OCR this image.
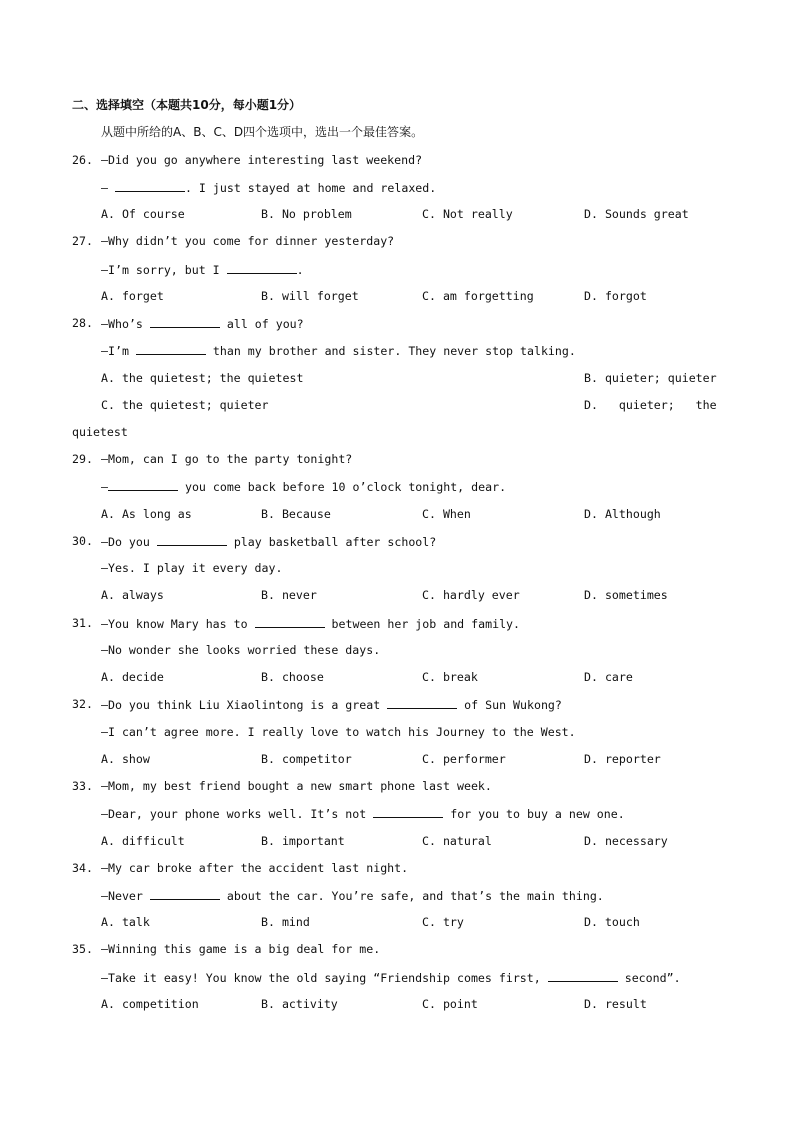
二、选择填空（本题共10分，每小题1分）
从题中所给的A、B、C、D四个选项中，选出一个最佳答案。
26. —Did you go anywhere interesting last weekend?
—	. I just stayed at home and relaxed.
A. Of course	B. No problem	C. Not really	D. Sounds great
27. —Why didn’t you come for dinner yesterday?
—I’m sorry, but I	.
A. forget	B. will forget	C. am forgetting	D. forgot
28. —Who’s	all of you?
—I’m	than my brother and sister. They never stop talking.
A. the quietest; the quietest	B. quieter; quieter
C. the quietest; quieter	D.   quieter;   the
quietest
29. —Mom, can I go to the party tonight?
—	you come back before 10 o’clock tonight, dear.
A. As long as	B. Because	C. When	D. Although
30. —Do you	play basketball after school?
—Yes. I play it every day.
A. always	B. never	C. hardly ever	D. sometimes
31. —You know Mary has to	between her job and family.
—No wonder she looks worried these days.
A. decide	B. choose	C. break	D. care
32. —Do you think Liu Xiaolintong is a great	of Sun Wukong?
—I can’t agree more. I really love to watch his Journey to the West.
A. show	B. competitor	C. performer	D. reporter
33. —Mom, my best friend bought a new smart phone last week.
—Dear, your phone works well. It’s not	for you to buy a new one.
A. difficult	B. important	C. natural	D. necessary
34. —My car broke after the accident last night.
—Never	about the car. You’re safe, and that’s the main thing.
A. talk	B. mind	C. try	D. touch
35. —Winning this game is a big deal for me.
—Take it easy! You know the old saying “Friendship comes first,	second”.
A. competition	B. activity	C. point	D. result
